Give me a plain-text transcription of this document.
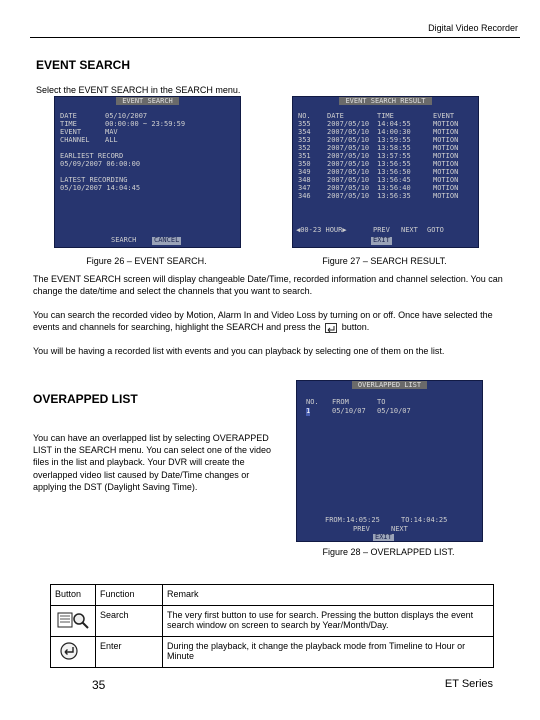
Digital Video Recorder
EVENT SEARCH
Select the EVENT SEARCH in the SEARCH menu.
EVENT SEARCH
DATE	05/10/2007
TIME	00:00:00 ~ 23:59:59
EVENT	MAV
CHANNEL ALL
EARLIEST RECORD
05/09/2007 06:00:00
LATEST RECORDING
05/10/2007 14:04:45
SEARCH	CANCEL
EVENT SEARCH RESULT
NO. DATE	TIME	EVENT
355 2007/05/10 14:04:55	MOTION
354 2007/05/10 14:00:30	MOTION
353 2007/05/10 13:59:55	MOTION
352 2007/05/10 13:58:55	MOTION
351 2007/05/10 13:57:55	MOTION
350 2007/05/10 13:56:55	MOTION
349 2007/05/10 13:56:50	MOTION
348 2007/05/10 13:56:45	MOTION
347 2007/05/10 13:56:40	MOTION
346 2007/05/10 13:56:35	MOTION
◀00-23 HOUR▶	PREV NEXT GOTO
EXIT
Figure 26 – EVENT SEARCH.	Figure 27 – SEARCH RESULT.
The EVENT SEARCH screen will display changeable Date/Time, recorded information and channel selection. You can change the date/time and select the channels that you want to search.
You can search the recorded video by Motion, Alarm In and Video Loss by turning on or off. Once have selected the events and channels for searching, highlight the SEARCH and press the button.
You will be having a recorded list with events and you can playback by selecting one of them on the list.
OVERAPPED LIST
You can have an overlapped list by selecting OVERAPPED LIST in the SEARCH menu. You can select one of the video files in the list and playback. Your DVR will create the overlapped video list caused by Date/Time changes or applying the DST (Daylight Saving Time).
OVERLAPPED LIST
NO. FROM	TO
1	05/10/07 05/10/07
FROM:14:05:25	TO:14:04:25
PREV	NEXT
EXIT
Figure 28 – OVERLAPPED LIST.
Button	Function	Remark
	Search	The very first button to use for search. Pressing the button displays the event search window on screen to search by Year/Month/Day.
	Enter	During the playback, it change the playback mode from Timeline to Hour or Minute
35	ET Series
